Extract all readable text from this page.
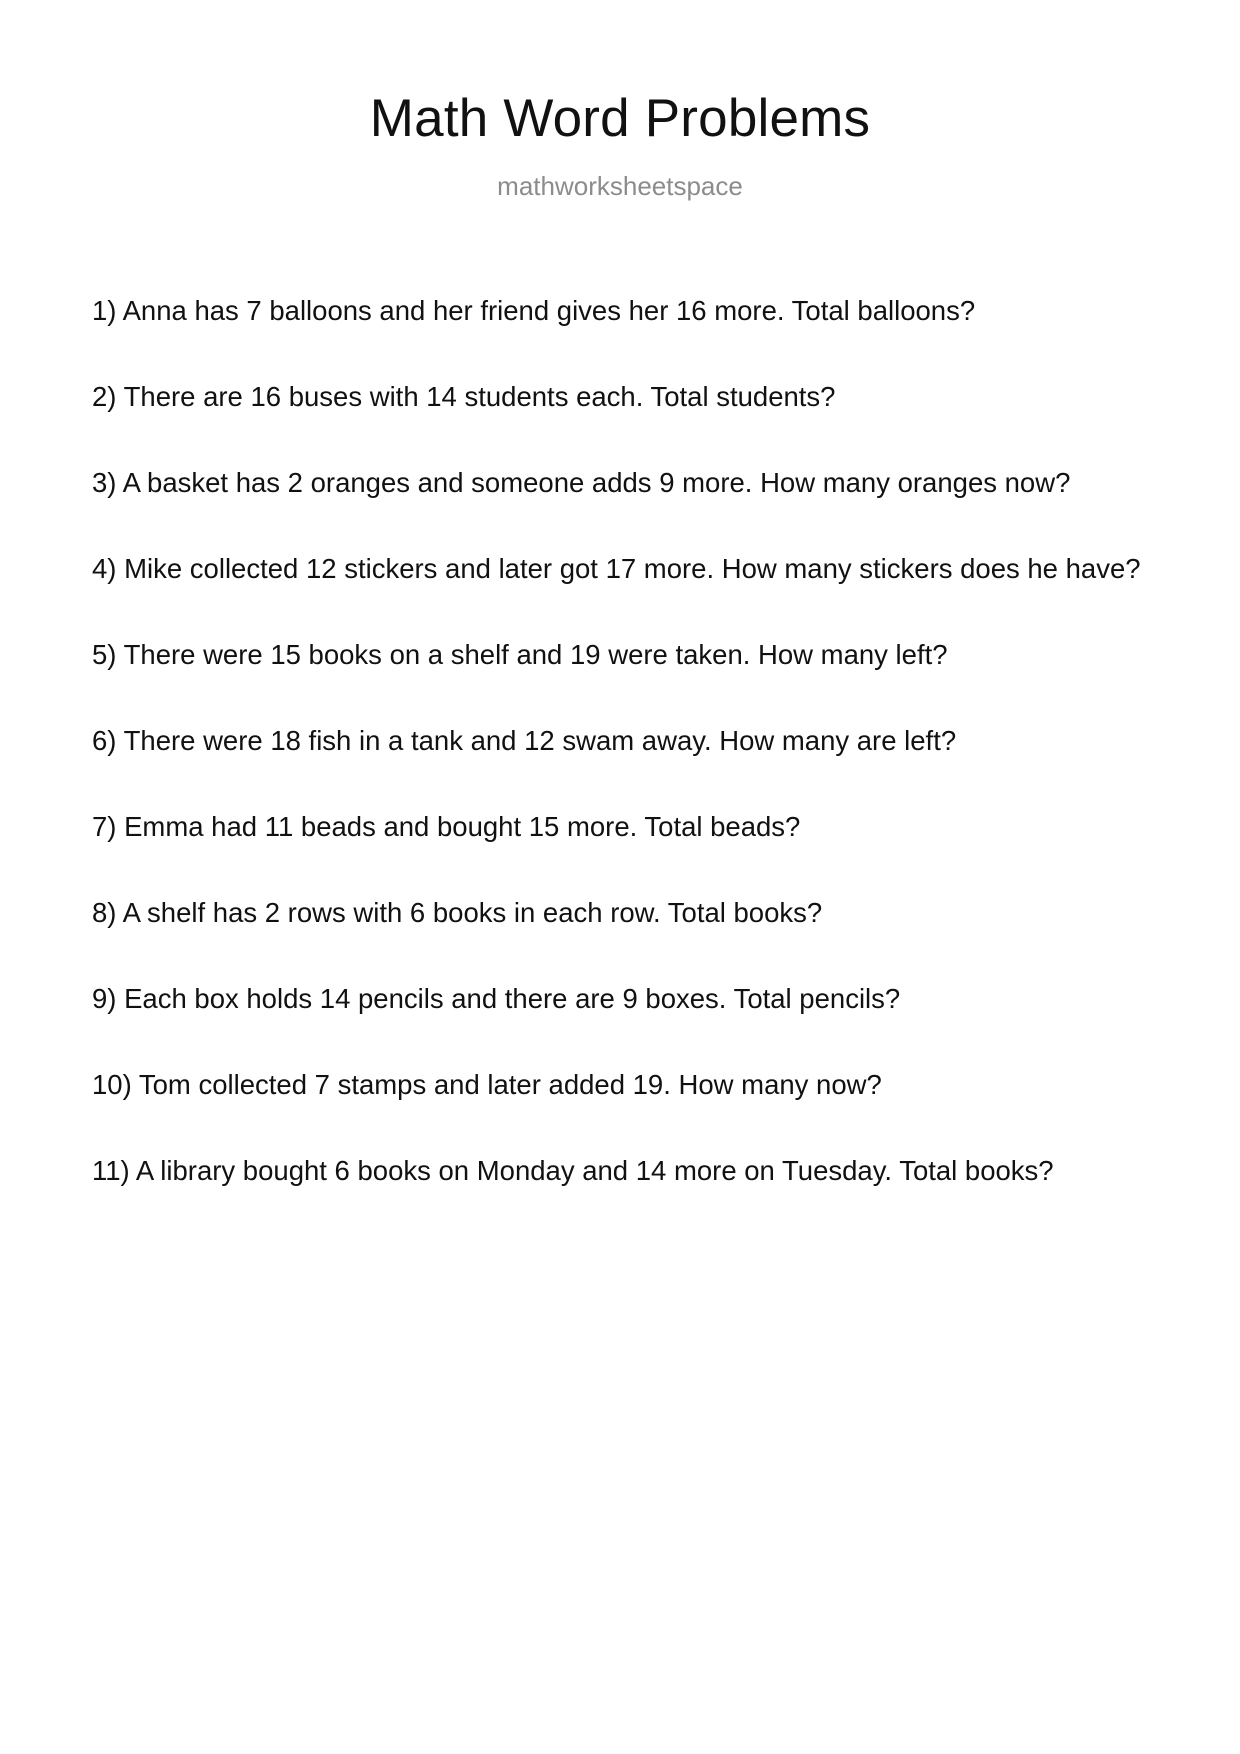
Math Word Problems
mathworksheetspace
1) Anna has 7 balloons and her friend gives her 16 more. Total balloons?
2) There are 16 buses with 14 students each. Total students?
3) A basket has 2 oranges and someone adds 9 more. How many oranges now?
4) Mike collected 12 stickers and later got 17 more. How many stickers does he have?
5) There were 15 books on a shelf and 19 were taken. How many left?
6) There were 18 fish in a tank and 12 swam away. How many are left?
7) Emma had 11 beads and bought 15 more. Total beads?
8) A shelf has 2 rows with 6 books in each row. Total books?
9) Each box holds 14 pencils and there are 9 boxes. Total pencils?
10) Tom collected 7 stamps and later added 19. How many now?
11) A library bought 6 books on Monday and 14 more on Tuesday. Total books?
